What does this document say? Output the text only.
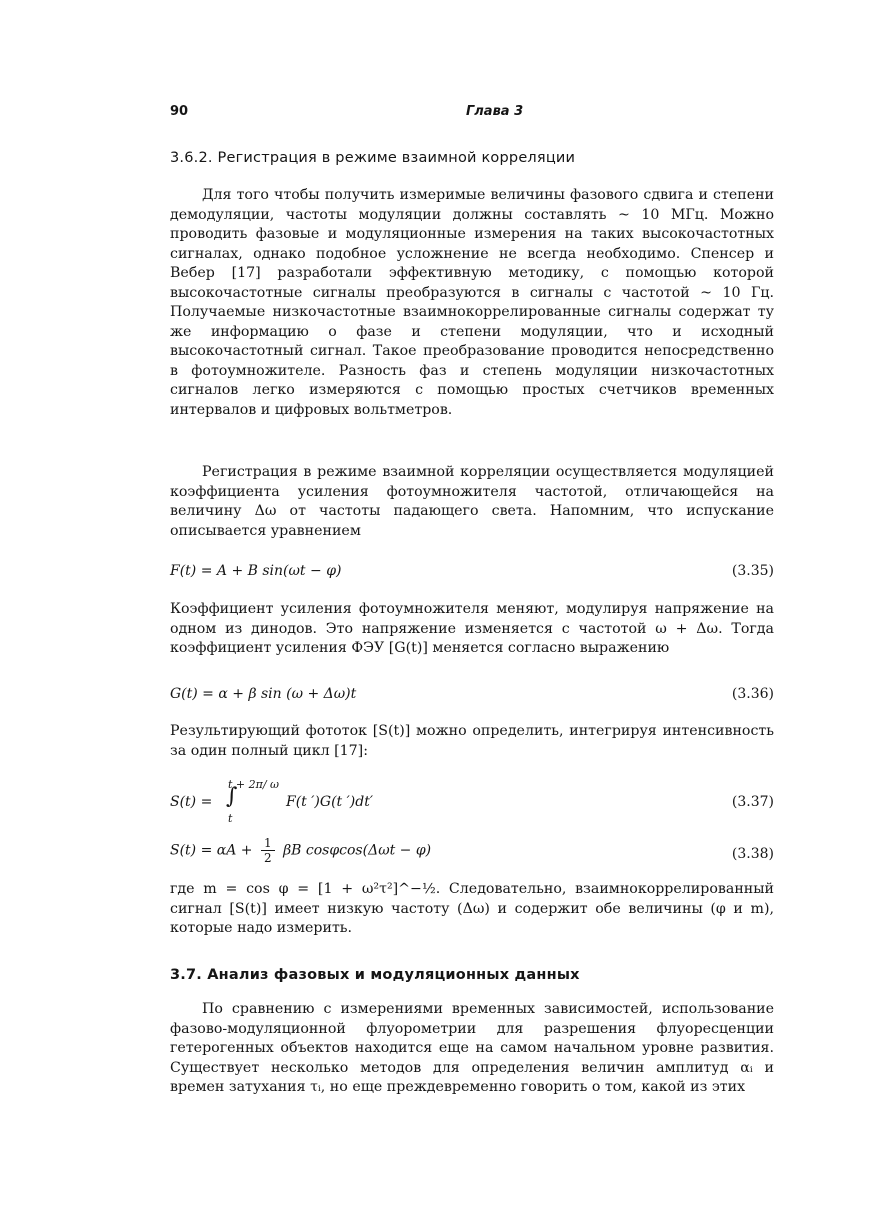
90	Глава 3
3.6.2. Регистрация в режиме взаимной корреляции

Для того чтобы получить измеримые величины фазового сдвига и степени демодуляции, частоты модуляции должны составлять ~ 10 МГц. Можно проводить фазовые и модуляционные измерения на таких высокочастотных сигналах, однако подобное усложнение не всегда необходимо. Спенсер и Вебер [17] разработали эффективную методику, с помощью которой высокочастотные сигналы преобразуются в сигналы с частотой ~ 10 Гц. Получаемые низкочастотные взаимнокоррелированные сигналы содержат ту же информацию о фазе и степени модуляции, что и исходный высокочастотный сигнал. Такое преобразование проводится непосредственно в фотоумножителе. Разность фаз и степень модуляции низкочастотных сигналов легко измеряются с помощью простых счетчиков временных интервалов и цифровых вольтметров.

Регистрация в режиме взаимной корреляции осуществляется модуляцией коэффициента усиления фотоумножителя частотой, отличающейся на величину Δω от частоты падающего света. Напомним, что испускание описывается уравнением

F(t) = A + B sin(ωt − φ)	(3.35)

Коэффициент усиления фотоумножителя меняют, модулируя напряжение на одном из динодов. Это напряжение изменяется с частотой ω + Δω. Тогда коэффициент усиления ФЭУ [G(t)] меняется согласно выражению

G(t) = α + β sin (ω + Δω)t	(3.36)

Результирующий фототок [S(t)] можно определить, интегрируя интенсивность за один полный цикл [17]:

t + 2π/ ω
S(t) = ∫	F(t ′)G(t ′)dt′
t
(3.37)
$S(t) = \alpha A + \frac{1}{2}$ βB cosφcos(Δωt − φ)	(3.38)

где m = cos φ = [1 + ω²τ²]^−½. Следовательно, взаимнокоррелированный сигнал [S(t)] имеет низкую частоту (Δω) и содержит обе величины (φ и m), которые надо измерить.

3.7. Анализ фазовых и модуляционных данных

По сравнению с измерениями временных зависимостей, использование фазово-модуляционной флуорометрии для разрешения флуоресценции гетерогенных объектов находится еще на самом начальном уровне развития. Существует несколько методов для определения величин амплитуд αᵢ и времен затухания τᵢ, но еще преждевременно говорить о том, какой из этих
